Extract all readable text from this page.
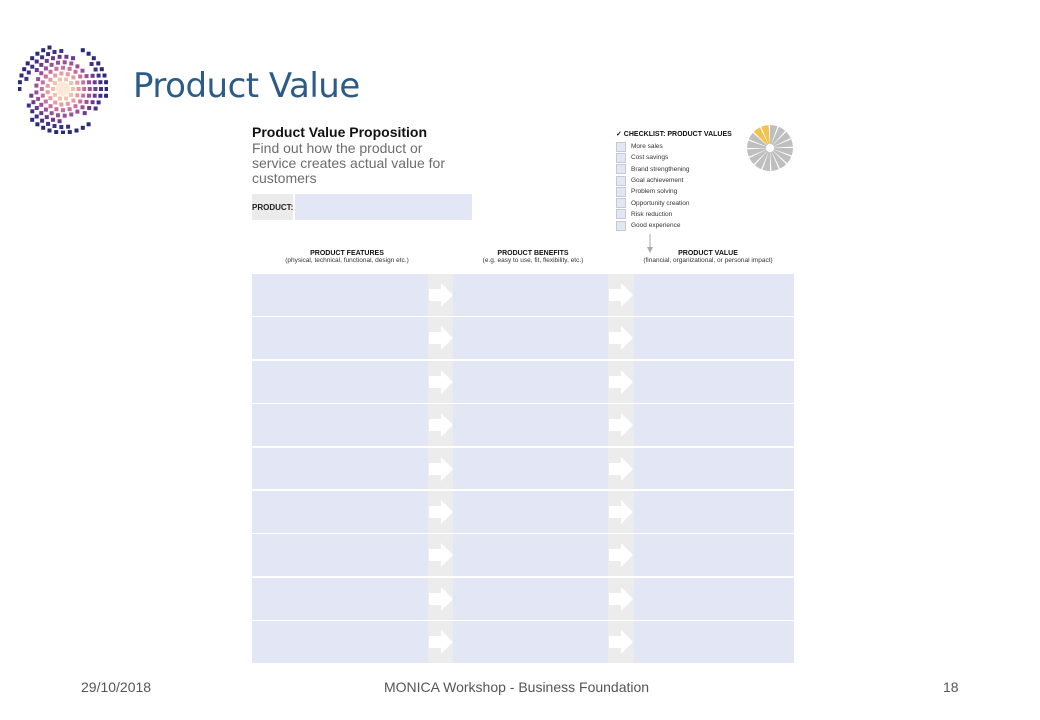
Product Value
Product Value Proposition
Find out how the product or service creates actual value for customers
PRODUCT:
✓ CHECKLIST: PRODUCT VALUES
More sales
Cost savings
Brand strengthening
Goal achievement
Problem solving
Opportunity creation
Risk reduction
Good experience
PRODUCT FEATURES
(physical, technical, functional, design etc.)
PRODUCT BENEFITS
(e.g. easy to use, fit, flexibility, etc.)
PRODUCT VALUE
(financial, organizational, or personal impact)
29/10/2018	MONICA Workshop - Business Foundation	18
